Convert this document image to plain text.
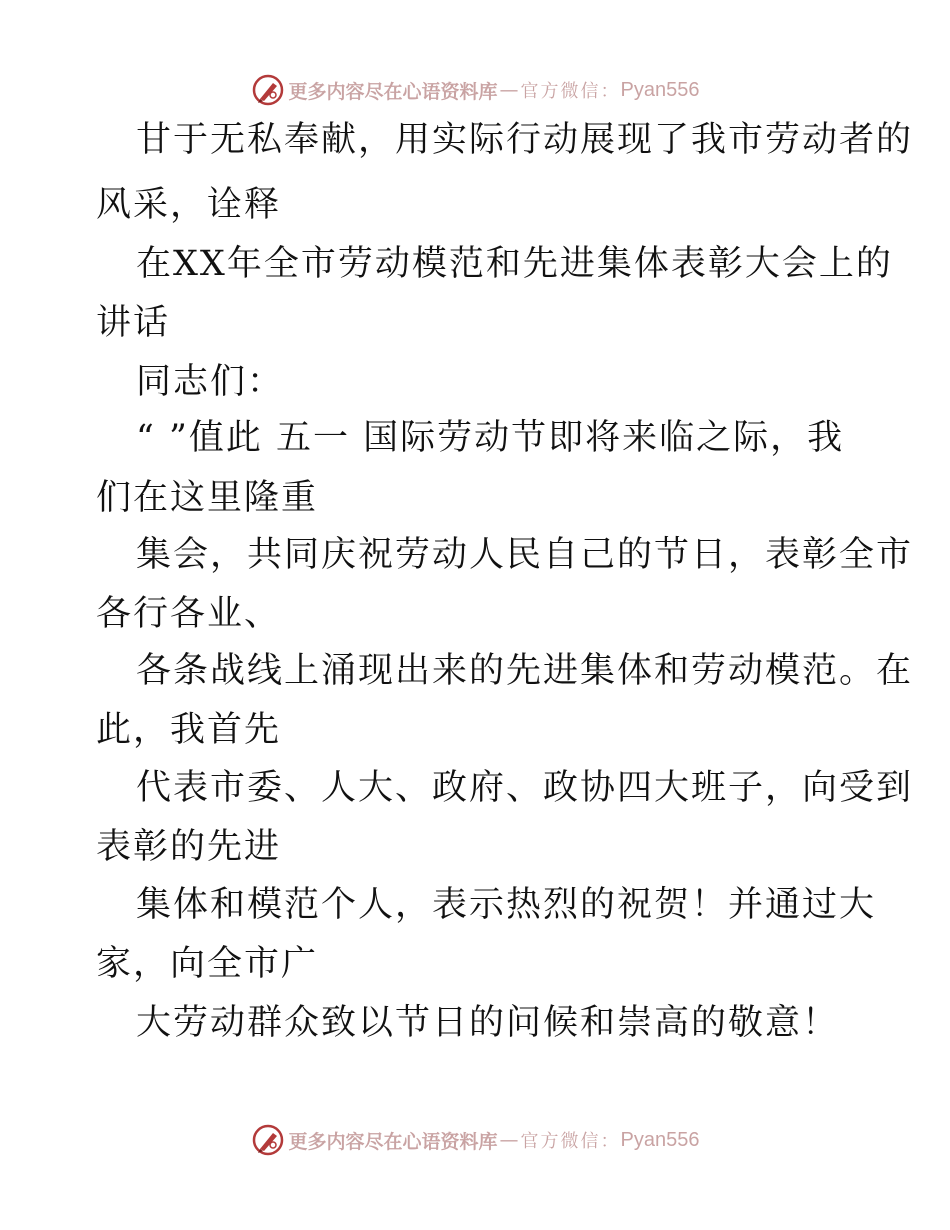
更多内容尽在心语资料库 — 官方微信： Pyan556
甘于无私奉献，用实际行动展现了我市劳动者的
风采，诠释
在XX年全市劳动模范和先进集体表彰大会上的
讲话
同志们：
“ ”值此 五一 国际劳动节即将来临之际，我
们在这里隆重
集会，共同庆祝劳动人民自己的节日，表彰全市
各行各业、
各条战线上涌现出来的先进集体和劳动模范。在
此，我首先
代表市委、人大、政府、政协四大班子，向受到
表彰的先进
集体和模范个人，表示热烈的祝贺！并通过大
家，向全市广
大劳动群众致以节日的问候和崇高的敬意！
更多内容尽在心语资料库 — 官方微信： Pyan556
